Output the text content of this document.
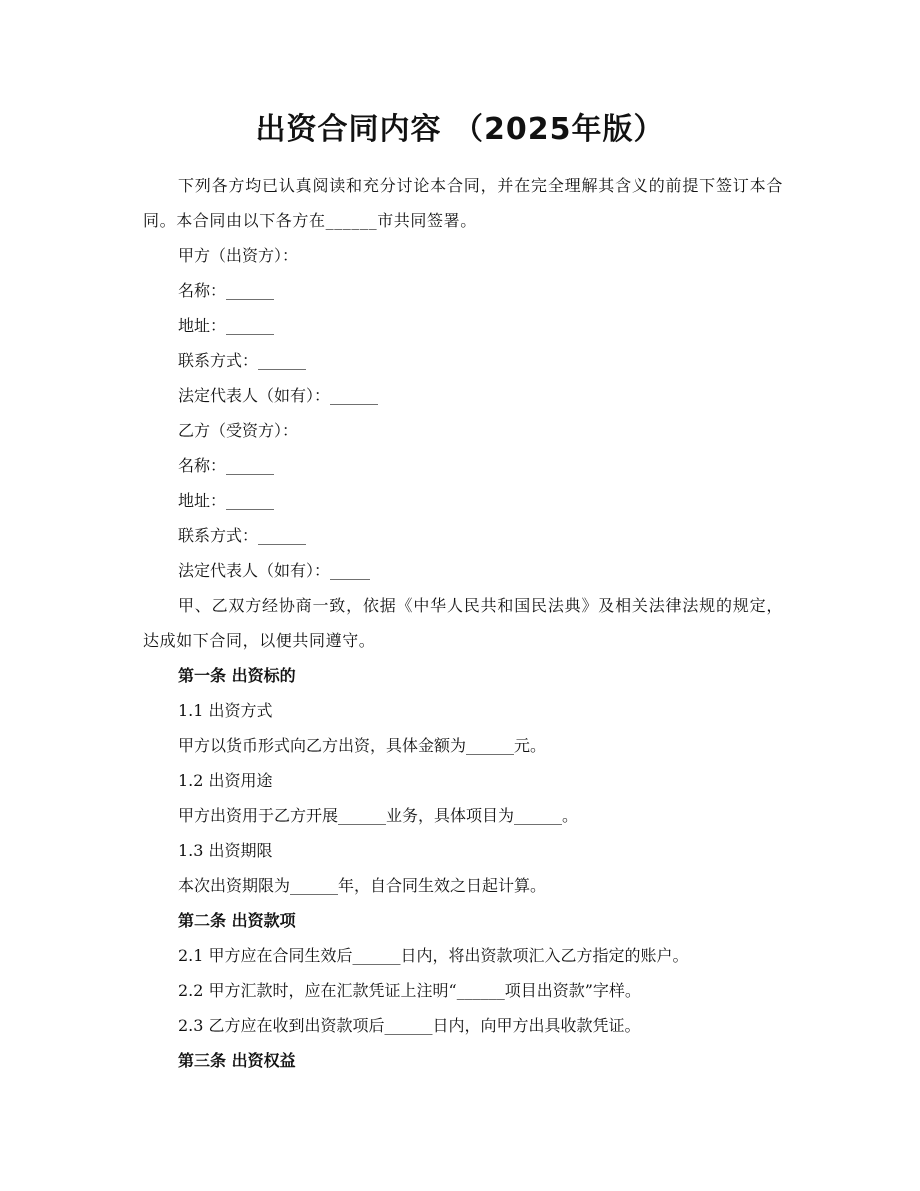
出资合同内容 （2025年版）

下列各方均已认真阅读和充分讨论本合同，并在完全理解其含义的前提下签订本合同。本合同由以下各方在______市共同签署。

甲方（出资方）：

名称：______

地址：______

联系方式：______

法定代表人（如有）：______

乙方（受资方）：

名称：______

地址：______

联系方式：______

法定代表人（如有）：_____

甲、乙双方经协商一致，依据《中华人民共和国民法典》及相关法律法规的规定，达成如下合同，以便共同遵守。

第一条 出资标的

1.1 出资方式

甲方以货币形式向乙方出资，具体金额为______元。

1.2 出资用途

甲方出资用于乙方开展______业务，具体项目为______。

1.3 出资期限

本次出资期限为______年，自合同生效之日起计算。

第二条 出资款项

2.1 甲方应在合同生效后______日内，将出资款项汇入乙方指定的账户。

2.2 甲方汇款时，应在汇款凭证上注明“______项目出资款”字样。

2.3 乙方应在收到出资款项后______日内，向甲方出具收款凭证。

第三条 出资权益
